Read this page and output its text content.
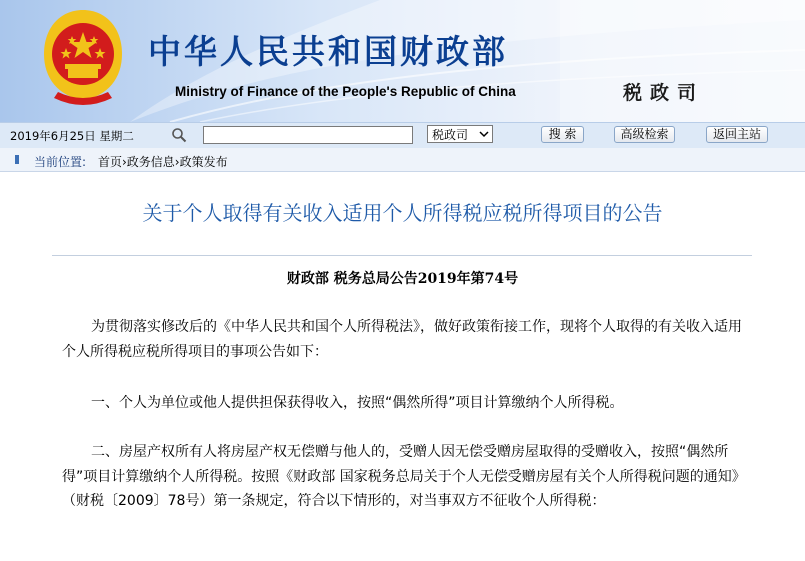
中华人民共和国财政部

Ministry of Finance of the People's Republic of China	税政司

2019年6月25日 星期二	税政司	搜 索	高级检索	返回主站
当前位置: 首页›政务信息›政策发布
关于个人取得有关收入适用个人所得税应税所得项目的公告

财政部 税务总局公告2019年第74号

为贯彻落实修改后的《中华人民共和国个人所得税法》，做好政策衔接工作，现将个人取得的有关收入适用个人所得税应税所得项目的事项公告如下：

一、个人为单位或他人提供担保获得收入，按照“偶然所得”项目计算缴纳个人所得税。

二、房屋产权所有人将房屋产权无偿赠与他人的，受赠人因无偿受赠房屋取得的受赠收入，按照“偶然所得”项目计算缴纳个人所得税。按照《财政部 国家税务总局关于个人无偿受赠房屋有关个人所得税问题的通知》（财税〔2009〕78号）第一条规定，符合以下情形的，对当事双方不征收个人所得税：
